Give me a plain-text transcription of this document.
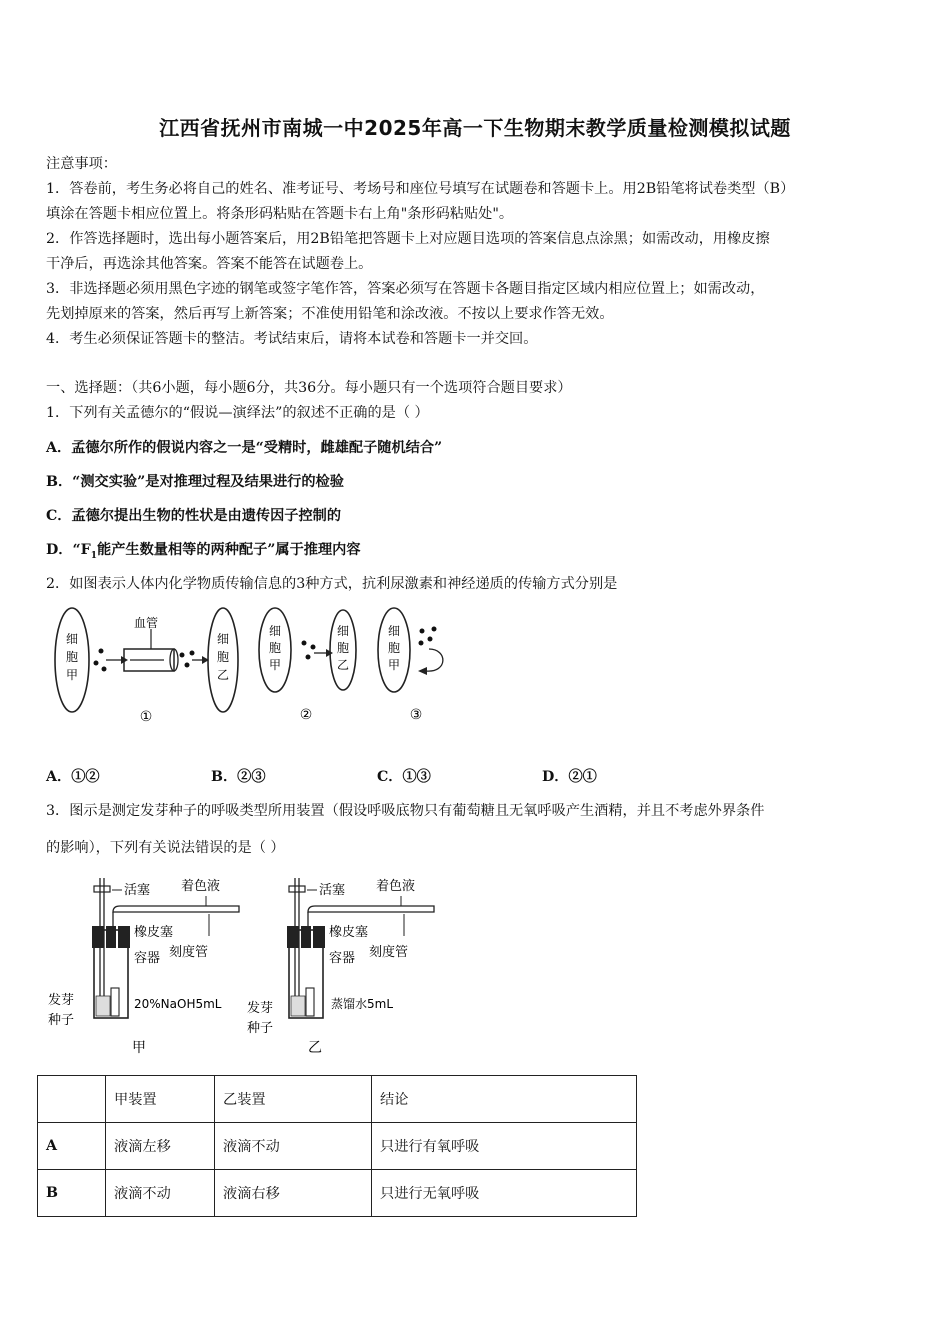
江西省抚州市南城一中2025年高一下生物期末教学质量检测模拟试题
注意事项：
1．答卷前，考生务必将自己的姓名、准考证号、考场号和座位号填写在试题卷和答题卡上。用2B铅笔将试卷类型（B）
填涂在答题卡相应位置上。将条形码粘贴在答题卡右上角"条形码粘贴处"。
2．作答选择题时，选出每小题答案后，用2B铅笔把答题卡上对应题目选项的答案信息点涂黑；如需改动，用橡皮擦
干净后，再选涂其他答案。答案不能答在试题卷上。
3．非选择题必须用黑色字迹的钢笔或签字笔作答，答案必须写在答题卡各题目指定区域内相应位置上；如需改动，
先划掉原来的答案，然后再写上新答案；不准使用铅笔和涂改液。不按以上要求作答无效。
4．考生必须保证答题卡的整洁。考试结束后，请将本试卷和答题卡一并交回。
一、选择题：（共6小题，每小题6分，共36分。每小题只有一个选项符合题目要求）
1．下列有关孟德尔的“假说—演绎法”的叙述不正确的是（ ）
A．孟德尔所作的假说内容之一是“受精时，雌雄配子随机结合”
B．“测交实验”是对推理过程及结果进行的检验
C．孟德尔提出生物的性状是由遗传因子控制的
D．“$F_1$能产生数量相等的两种配子”属于推理内容
2．如图表示人体内化学物质传输信息的3种方式，抗利尿激素和神经递质的传输方式分别是
细
胞
甲
血管
细
胞
乙
①
细
胞
甲
细
胞
乙
②
细
胞
甲
③
A．①②	B．②③	C．①③	D．②①
3．图示是测定发芽种子的呼吸类型所用装置（假设呼吸底物只有葡萄糖且无氧呼吸产生酒精，并且不考虑外界条件
的影响），下列有关说法错误的是（ ）
活塞 着色液
橡皮塞
刻度管
容器
发芽
种子
20%NaOH5mL
甲
活塞 着色液
橡皮塞
刻度管
容器
发芽
种子
蒸馏水5mL
乙
	甲装置	乙装置	结论
A	液滴左移	液滴不动	只进行有氧呼吸
B	液滴不动	液滴右移	只进行无氧呼吸
